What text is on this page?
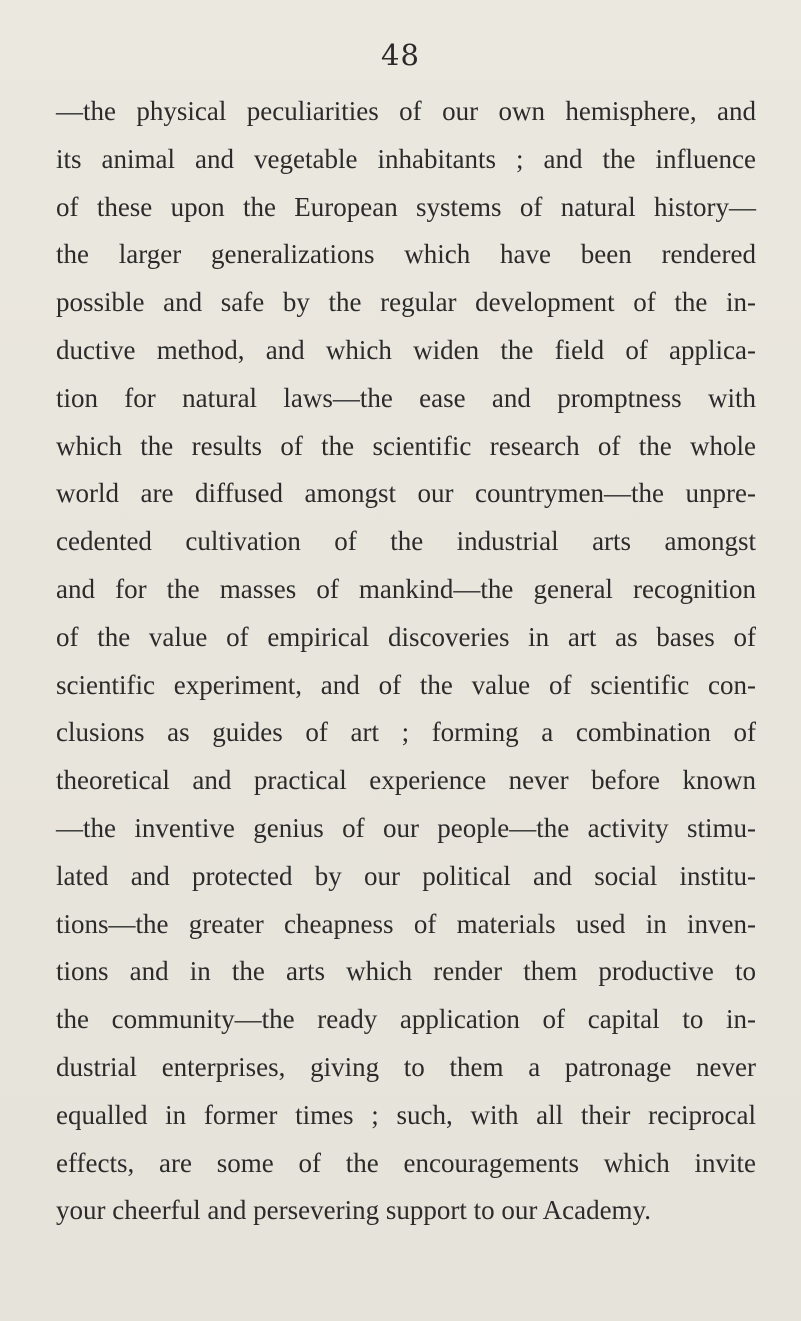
48
—the physical peculiarities of our own hemisphere, and
its animal and vegetable inhabitants ; and the influence
of these upon the European systems of natural history—
the larger generalizations which have been rendered
possible and safe by the regular development of the in-
ductive method, and which widen the field of applica-
tion for natural laws—the ease and promptness with
which the results of the scientific research of the whole
world are diffused amongst our countrymen—the unpre-
cedented cultivation of the industrial arts amongst
and for the masses of mankind—the general recognition
of the value of empirical discoveries in art as bases of
scientific experiment, and of the value of scientific con-
clusions as guides of art ; forming a combination of
theoretical and practical experience never before known
—the inventive genius of our people—the activity stimu-
lated and protected by our political and social institu-
tions—the greater cheapness of materials used in inven-
tions and in the arts which render them productive to
the community—the ready application of capital to in-
dustrial enterprises, giving to them a patronage never
equalled in former times ; such, with all their reciprocal
effects, are some of the encouragements which invite
your cheerful and persevering support to our Academy.
